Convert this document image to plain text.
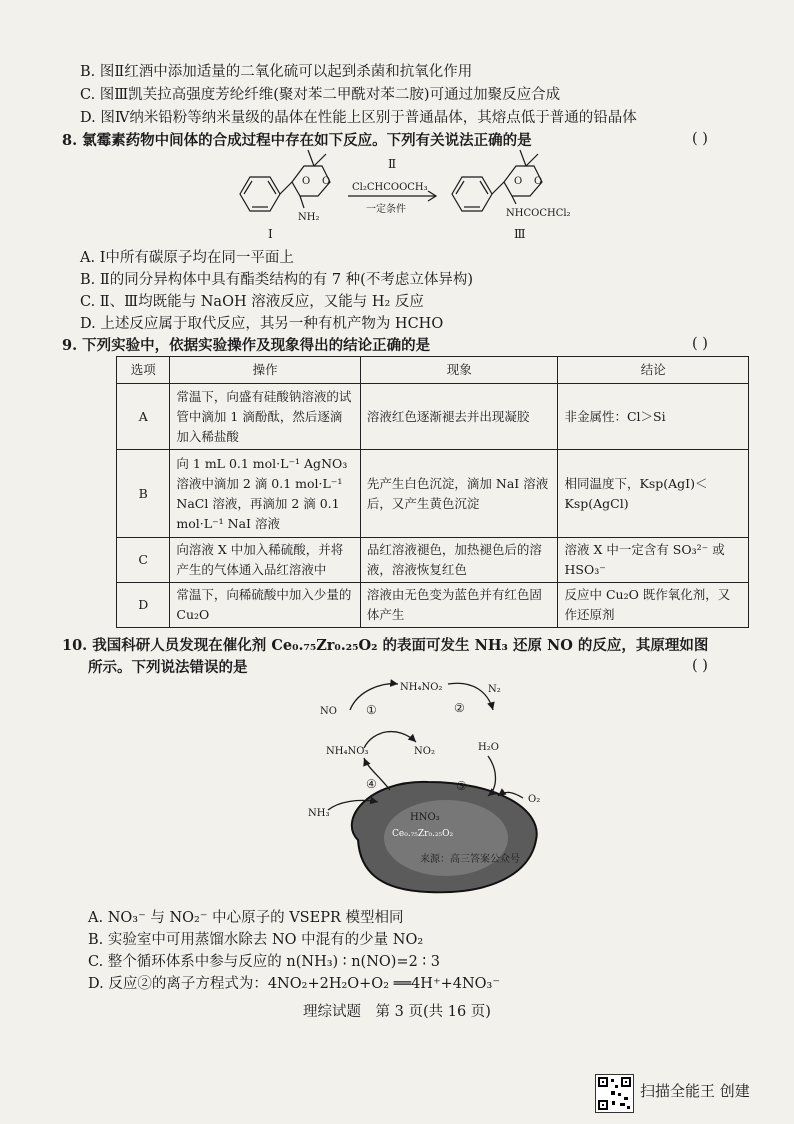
B. 图Ⅱ红酒中添加适量的二氧化硫可以起到杀菌和抗氧化作用
C. 图Ⅲ凯芙拉高强度芳纶纤维(聚对苯二甲酰对苯二胺)可通过加聚反应合成
D. 图Ⅳ纳米铅粉等纳米量级的晶体在性能上区别于普通晶体，其熔点低于普通的铅晶体
8. 氯霉素药物中间体的合成过程中存在如下反应。下列有关说法正确的是	( )
O O	O O
NH₂
Ⅰ
Ⅱ
Cl₂CHCOOCH₃
一定条件	NHCOCHCl₂
Ⅲ
A. Ⅰ中所有碳原子均在同一平面上
B. Ⅱ的同分异构体中具有酯类结构的有 7 种(不考虑立体异构)
C. Ⅱ、Ⅲ均既能与 NaOH 溶液反应，又能与 H₂ 反应
D. 上述反应属于取代反应，其另一种有机产物为 HCHO
9. 下列实验中，依据实验操作及现象得出的结论正确的是	( )
选项	操作	现象	结论
A	常温下，向盛有硅酸钠溶液的试管中滴加 1 滴酚酞，然后逐滴加入稀盐酸	溶液红色逐渐褪去并出现凝胶	非金属性：Cl＞Si
B	向 1 mL 0.1 mol·L⁻¹ AgNO₃ 溶液中滴加 2 滴 0.1 mol·L⁻¹ NaCl 溶液，再滴加 2 滴 0.1 mol·L⁻¹ NaI 溶液	先产生白色沉淀，滴加 NaI 溶液后，又产生黄色沉淀	相同温度下，Ksp(AgI)＜ Ksp(AgCl)
C	向溶液 X 中加入稀硫酸，并将产生的气体通入品红溶液中	品红溶液褪色，加热褪色后的溶液，溶液恢复红色	溶液 X 中一定含有 SO₃²⁻ 或 HSO₃⁻
D	常温下，向稀硫酸中加入少量的 Cu₂O	溶液由无色变为蓝色并有红色固体产生	反应中 Cu₂O 既作氧化剂，又作还原剂
10. 我国科研人员发现在催化剂 Ce₀.₇₅Zr₀.₂₅O₂ 的表面可发生 NH₃ 还原 NO 的反应，其原理如图
所示。下列说法错误的是	( )
NO
NH₄NO₂	N₂
NH₄NO₃	NO₂	H₂O
HNO₃
O₂
NH₃
Ce₀.₇₅Zr₀.₂₅O₂
①	②
③
④
来源：高三答案公众号
A. NO₃⁻ 与 NO₂⁻ 中心原子的 VSEPR 模型相同
B. 实验室中可用蒸馏水除去 NO 中混有的少量 NO₂
C. 整个循环体系中参与反应的 n(NH₃) ∶ n(NO)=2 ∶ 3
D. 反应②的离子方程式为：4NO₂+2H₂O+O₂ ══4H⁺+4NO₃⁻
理综试题　第 3 页(共 16 页)
扫描全能王 创建
